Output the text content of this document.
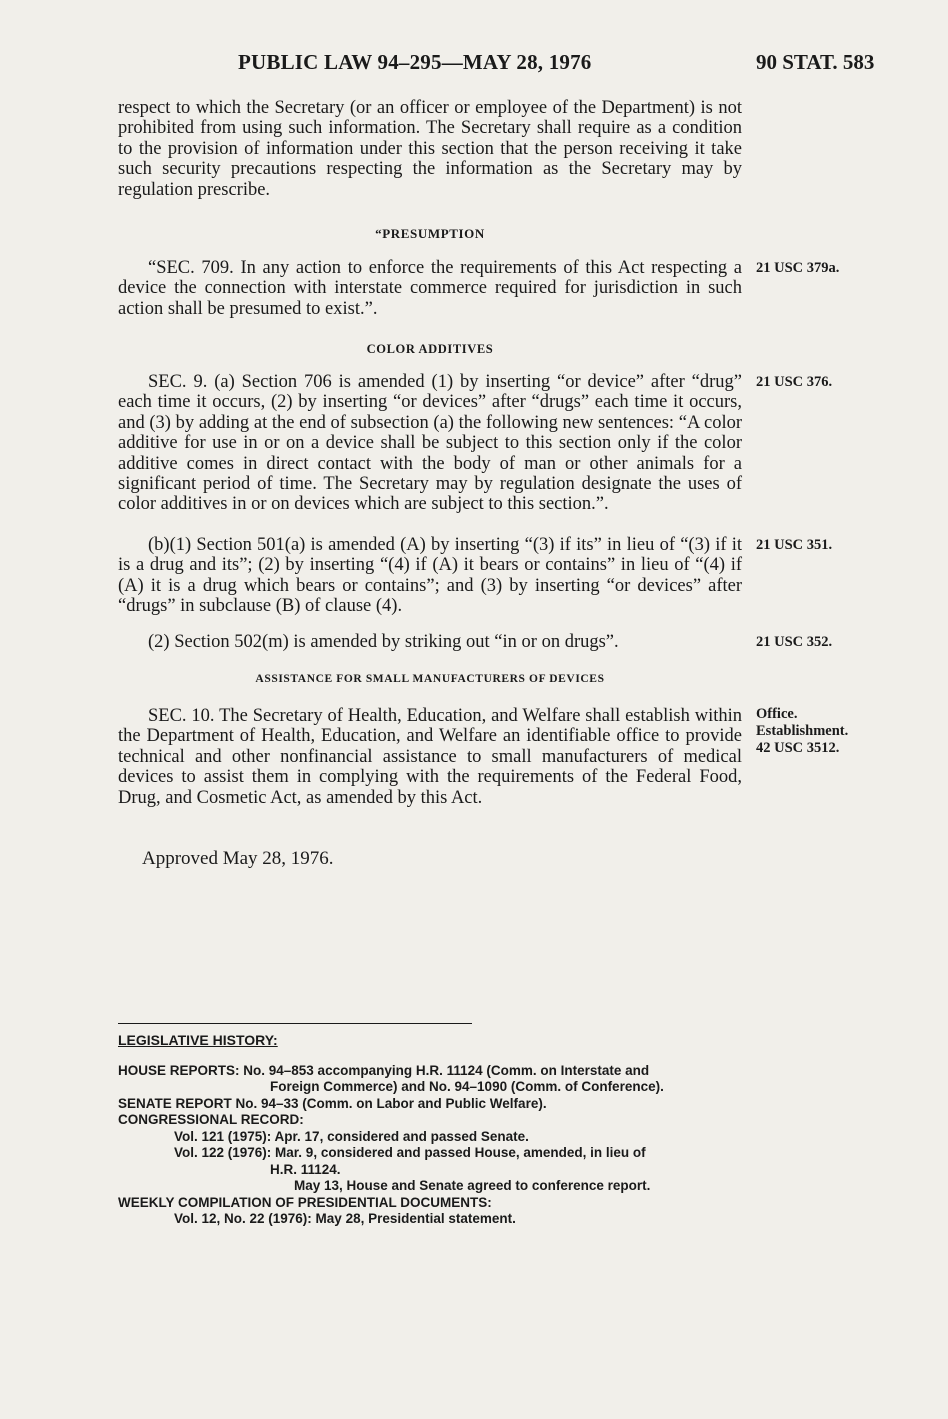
PUBLIC LAW 94–295—MAY 28, 1976	90 STAT. 583

respect to which the Secretary (or an officer or employee of the Department) is not prohibited from using such information. The Secretary shall require as a condition to the provision of information under this section that the person receiving it take such security precautions respecting the information as the Secretary may by regulation prescribe.

“PRESUMPTION

“SEC. 709. In any action to enforce the requirements of this Act respecting a device the connection with interstate commerce required for jurisdiction in such action shall be presumed to exist.”.

21 USC 379a.
COLOR ADDITIVES

SEC. 9. (a) Section 706 is amended (1) by inserting “or device” after “drug” each time it occurs, (2) by inserting “or devices” after “drugs” each time it occurs, and (3) by adding at the end of subsection (a) the following new sentences: “A color additive for use in or on a device shall be subject to this section only if the color additive comes in direct contact with the body of man or other animals for a significant period of time. The Secretary may by regulation designate the uses of color additives in or on devices which are subject to this section.”.

21 USC 376.

(b)(1) Section 501(a) is amended (A) by inserting “(3) if its” in lieu of “(3) if it is a drug and its”; (2) by inserting “(4) if (A) it bears or contains” in lieu of “(4) if (A) it is a drug which bears or contains”; and (3) by inserting “or devices” after “drugs” in subclause (B) of clause (4).

21 USC 351.

(2) Section 502(m) is amended by striking out “in or on drugs”.	21 USC 352.
ASSISTANCE FOR SMALL MANUFACTURERS OF DEVICES

SEC. 10. The Secretary of Health, Education, and Welfare shall establish within the Department of Health, Education, and Welfare an identifiable office to provide technical and other nonfinancial assistance to small manufacturers of medical devices to assist them in complying with the requirements of the Federal Food, Drug, and Cosmetic Act, as amended by this Act.

Office.
Establishment.
42 USC 3512.
Approved May 28, 1976.
LEGISLATIVE HISTORY:
HOUSE REPORTS: No. 94–853 accompanying H.R. 11124 (Comm. on Interstate and
Foreign Commerce) and No. 94–1090 (Comm. of Conference).
SENATE REPORT No. 94–33 (Comm. on Labor and Public Welfare).
CONGRESSIONAL RECORD:
Vol. 121 (1975): Apr. 17, considered and passed Senate.
Vol. 122 (1976): Mar. 9, considered and passed House, amended, in lieu of
H.R. 11124.
May 13, House and Senate agreed to conference report.
WEEKLY COMPILATION OF PRESIDENTIAL DOCUMENTS:
Vol. 12, No. 22 (1976): May 28, Presidential statement.
